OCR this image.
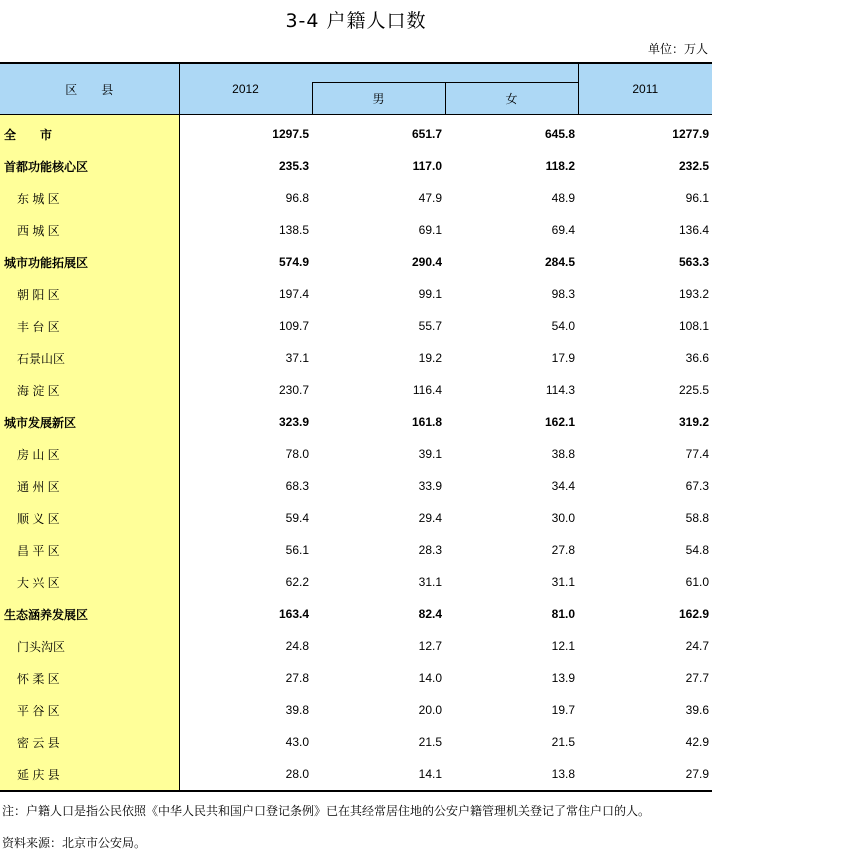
3-4 户籍人口数
单位：万人
区　　县	2012			2011
		男	女	
全　　市	1297.5	651.7	645.8	1277.9
首都功能核心区	235.3	117.0	118.2	232.5
东 城 区	96.8	47.9	48.9	96.1
西 城 区	138.5	69.1	69.4	136.4
城市功能拓展区	574.9	290.4	284.5	563.3
朝 阳 区	197.4	99.1	98.3	193.2
丰 台 区	109.7	55.7	54.0	108.1
石景山区	37.1	19.2	17.9	36.6
海 淀 区	230.7	116.4	114.3	225.5
城市发展新区	323.9	161.8	162.1	319.2
房 山 区	78.0	39.1	38.8	77.4
通 州 区	68.3	33.9	34.4	67.3
顺 义 区	59.4	29.4	30.0	58.8
昌 平 区	56.1	28.3	27.8	54.8
大 兴 区	62.2	31.1	31.1	61.0
生态涵养发展区	163.4	82.4	81.0	162.9
门头沟区	24.8	12.7	12.1	24.7
怀 柔 区	27.8	14.0	13.9	27.7
平 谷 区	39.8	20.0	19.7	39.6
密 云 县	43.0	21.5	21.5	42.9
延 庆 县	28.0	14.1	13.8	27.9
注：户籍人口是指公民依照《中华人民共和国户口登记条例》已在其经常居住地的公安户籍管理机关登记了常住户口的人。
资料来源：北京市公安局。
